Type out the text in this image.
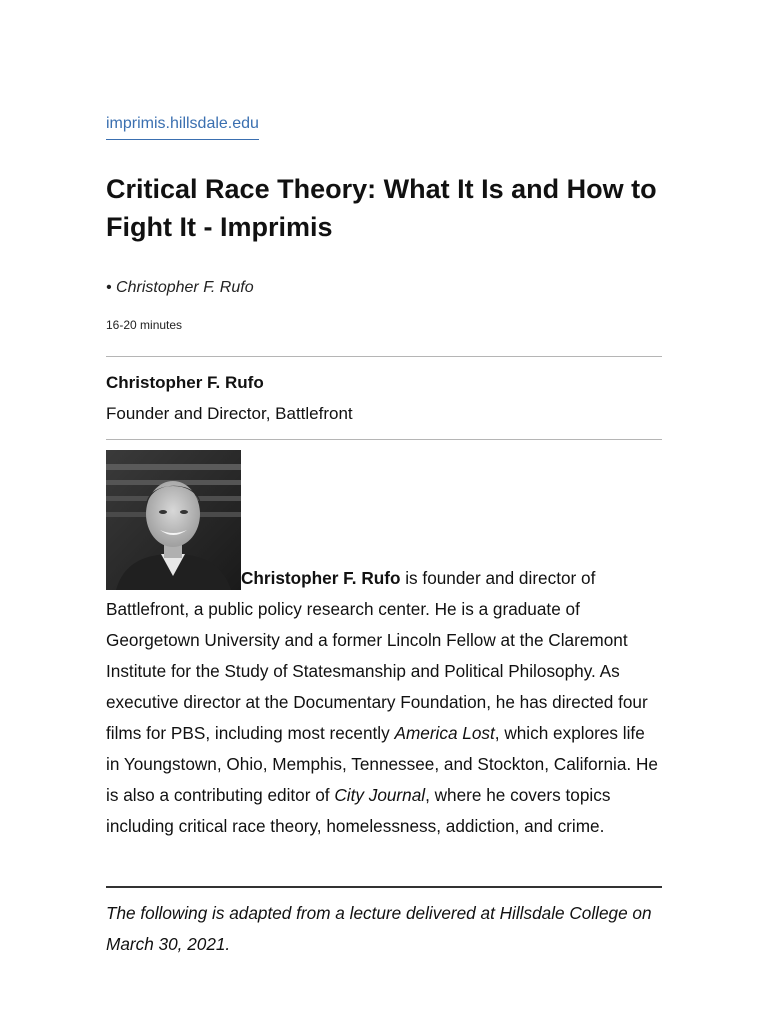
imprimis.hillsdale.edu
Critical Race Theory: What It Is and How to Fight It - Imprimis
• Christopher F. Rufo
16-20 minutes
Christopher F. Rufo
Founder and Director, Battlefront
Christopher F. Rufo is founder and director of Battlefront, a public policy research center. He is a graduate of Georgetown University and a former Lincoln Fellow at the Claremont Institute for the Study of Statesmanship and Political Philosophy. As executive director at the Documentary Foundation, he has directed four films for PBS, including most recently America Lost, which explores life in Youngstown, Ohio, Memphis, Tennessee, and Stockton, California. He is also a contributing editor of City Journal, where he covers topics including critical race theory, homelessness, addiction, and crime.
The following is adapted from a lecture delivered at Hillsdale College on March 30, 2021.
